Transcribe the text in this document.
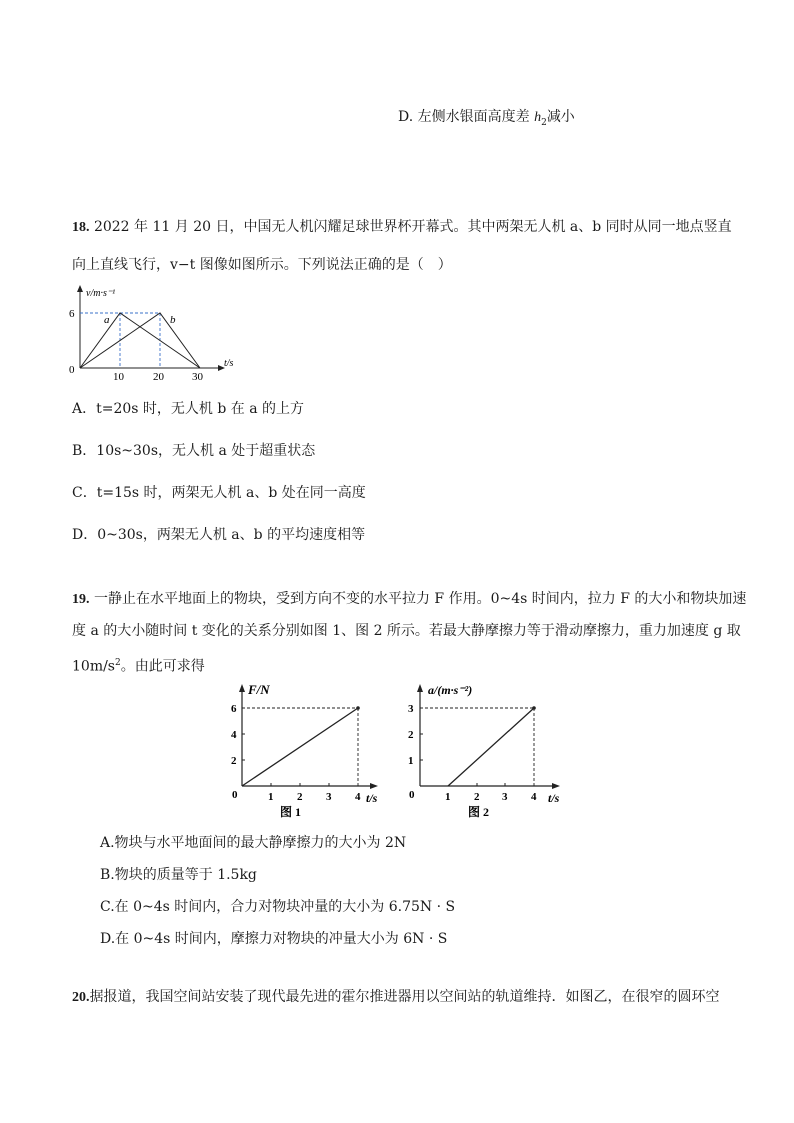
D. 左侧水银面高度差 $h_2$减小
18. 2022 年 11 月 20 日，中国无人机闪耀足球世界杯开幕式。其中两架无人机 a、b 同时从同一地点竖直
向上直线飞行，v−t 图像如图所示。下列说法正确的是（　）
v/m·s⁻¹
t/s
6
0
10	20	30
a	b
A．t=20s 时，无人机 b 在 a 的上方
B．10s~30s，无人机 a 处于超重状态
C．t=15s 时，两架无人机 a、b 处在同一高度
D．0~30s，两架无人机 a、b 的平均速度相等
19. 一静止在水平地面上的物块，受到方向不变的水平拉力 F 作用。0~4s 时间内，拉力 F 的大小和物块加速
度 a 的大小随时间 t 变化的关系分别如图 1、图 2 所示。若最大静摩擦力等于滑动摩擦力，重力加速度 g 取
$10m/s^2$。由此可求得
F/N
t/s
6
4
2
0	1 2 3 4
图 1
a/(m·s⁻²)
t/s
3
2
1
0	1 2 3 4
图 2
A.物块与水平地面间的最大静摩擦力的大小为 2N
B.物块的质量等于 1.5kg
C.在 0~4s 时间内，合力对物块冲量的大小为 6.75N · S
D.在 0~4s 时间内，摩擦力对物块的冲量大小为 6N · S
20.据报道，我国空间站安装了现代最先进的霍尔推进器用以空间站的轨道维持．如图乙，在很窄的圆环空
